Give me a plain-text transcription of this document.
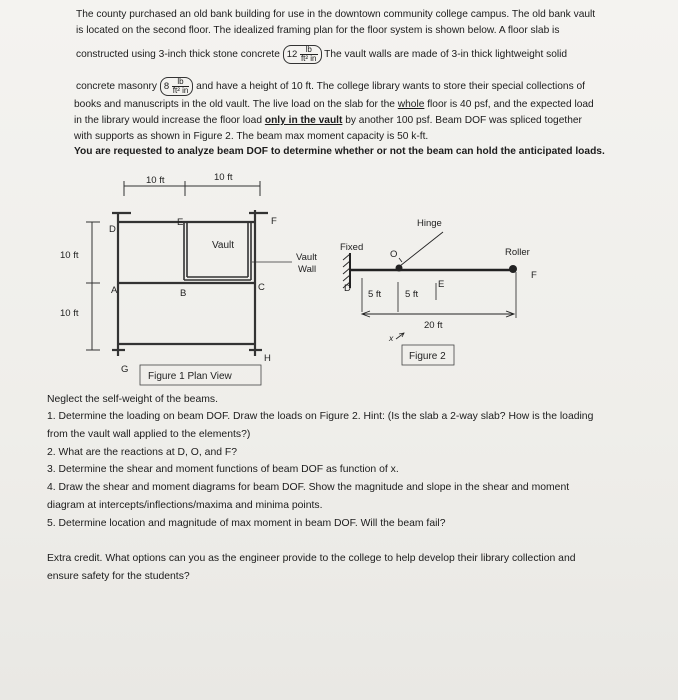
The county purchased an old bank building for use in the downtown community college campus. The old bank vault
is located on the second floor. The idealized framing plan for the floor system is shown below. A floor slab is
constructed using 3-inch thick stone concrete $12 \frac{lb}{\text{ft² in}}$ The vault walls are made of 3-in thick lightweight solid
concrete masonry $8 \frac{lb}{\text{ft² in}}$ and have a height of 10 ft. The college library wants to store their special collections of
books and manuscripts in the old vault. The live load on the slab for the whole floor is 40 psf, and the expected load
in the library would increase the floor load only in the vault by another 100 psf. Beam DOF was spliced together
with supports as shown in Figure 2. The beam max moment capacity is 50 k-ft.
You are requested to analyze beam DOF to determine whether or not the beam can hold the anticipated loads.
10 ft	10 ft
10 ft
10 ft
Vault
A	B
C
D
E	F
G
H
Vault
Wall
Figure 1 Plan View
Hinge
Fixed	Roller
O
D	E
F
x
5 ft	5 ft
20 ft
Figure 2
Neglect the self-weight of the beams.
1. Determine the loading on beam DOF. Draw the loads on Figure 2. Hint: (Is the slab a 2-way slab? How is the loading
from the vault wall applied to the elements?)
2. What are the reactions at D, O, and F?
3. Determine the shear and moment functions of beam DOF as function of x.
4. Draw the shear and moment diagrams for beam DOF. Show the magnitude and slope in the shear and moment
diagram at intercepts/inflections/maxima and minima points.
5. Determine location and magnitude of max moment in beam DOF. Will the beam fail?
Extra credit. What options can you as the engineer provide to the college to help develop their library collection and
ensure safety for the students?
